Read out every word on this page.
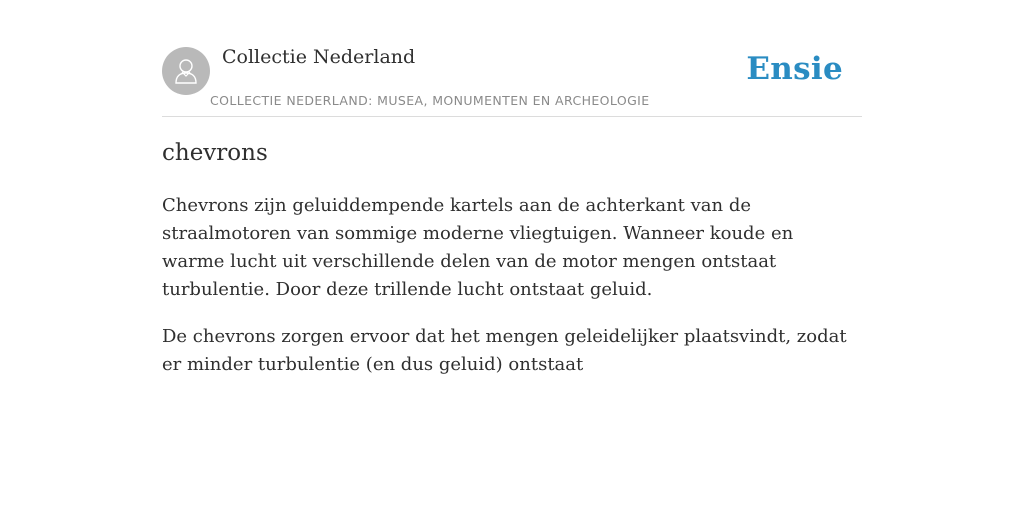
Collectie Nederland
COLLECTIE NEDERLAND: MUSEA, MONUMENTEN EN ARCHEOLOGIE
Ensie
chevrons

Chevrons zijn geluiddempende kartels aan de achterkant van de straalmotoren van sommige moderne vliegtuigen. Wanneer koude en warme lucht uit verschillende delen van de motor mengen ontstaat turbulentie. Door deze trillende lucht ontstaat geluid.

De chevrons zorgen ervoor dat het mengen geleidelijker plaatsvindt, zodat er minder turbulentie (en dus geluid) ontstaat
